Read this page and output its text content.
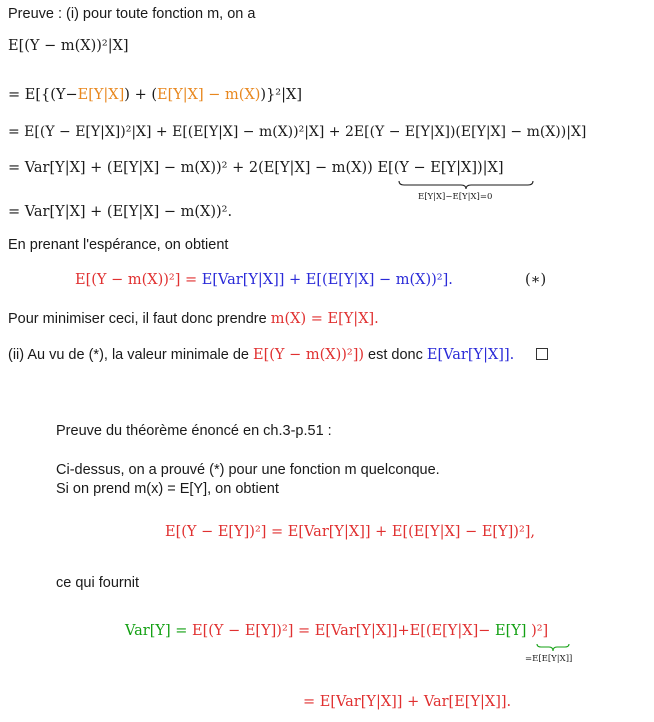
Preuve : (i) pour toute fonction m, on a
E[(Y − m(X))²|X]
= E[{(Y−E[Y|X]) + (E[Y|X] − m(X))}²|X]
= E[(Y − E[Y|X])²|X] + E[(E[Y|X] − m(X))²|X] + 2E[(Y − E[Y|X])(E[Y|X] − m(X))|X]
= Var[Y|X] + (E[Y|X] − m(X))² + 2(E[Y|X] − m(X)) E[(Y − E[Y|X])|X]
E[Y|X]−E[Y|X]=0
= Var[Y|X] + (E[Y|X] − m(X))².
En prenant l'espérance, on obtient
E[(Y − m(X))²] = E[Var[Y|X]] + E[(E[Y|X] − m(X))²].	(∗)
Pour minimiser ceci, il faut donc prendre m(X) = E[Y|X].
(ii) Au vu de (*), la valeur minimale de E[(Y − m(X))²]) est donc E[Var[Y|X]].
Preuve du théorème énoncé en ch.3-p.51 :
Ci-dessus, on a prouvé (*) pour une fonction m quelconque.
Si on prend m(x) = E[Y], on obtient
E[(Y − E[Y])²] = E[Var[Y|X]] + E[(E[Y|X] − E[Y])²],
ce qui fournit
Var[Y] = E[(Y − E[Y])²] = E[Var[Y|X]]+E[(E[Y|X]− E[Y] )²]
=E[E[Y|X]]
= E[Var[Y|X]] + Var[E[Y|X]].
